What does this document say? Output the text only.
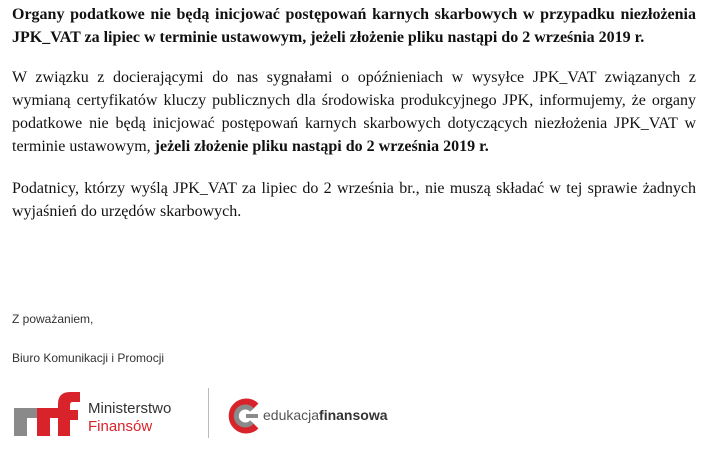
Organy podatkowe nie będą inicjować postępowań karnych skarbowych w przypadku niezłożenia JPK_VAT za lipiec w terminie ustawowym, jeżeli złożenie pliku nastąpi do 2 września 2019 r.

W związku z docierającymi do nas sygnałami o opóźnieniach w wysyłce JPK_VAT związanych z wymianą certyfikatów kluczy publicznych dla środowiska produkcyjnego JPK, informujemy, że organy podatkowe nie będą inicjować postępowań karnych skarbowych dotyczących niezłożenia JPK_VAT w terminie ustawowym, jeżeli złożenie pliku nastąpi do 2 września 2019 r.

Podatnicy, którzy wyślą JPK_VAT za lipiec do 2 września br., nie muszą składać w tej sprawie żadnych wyjaśnień do urzędów skarbowych.

Z poważaniem,

Biuro Komunikacji i Promocji

Ministerstwo
Finansów
edukacjafinansowa
